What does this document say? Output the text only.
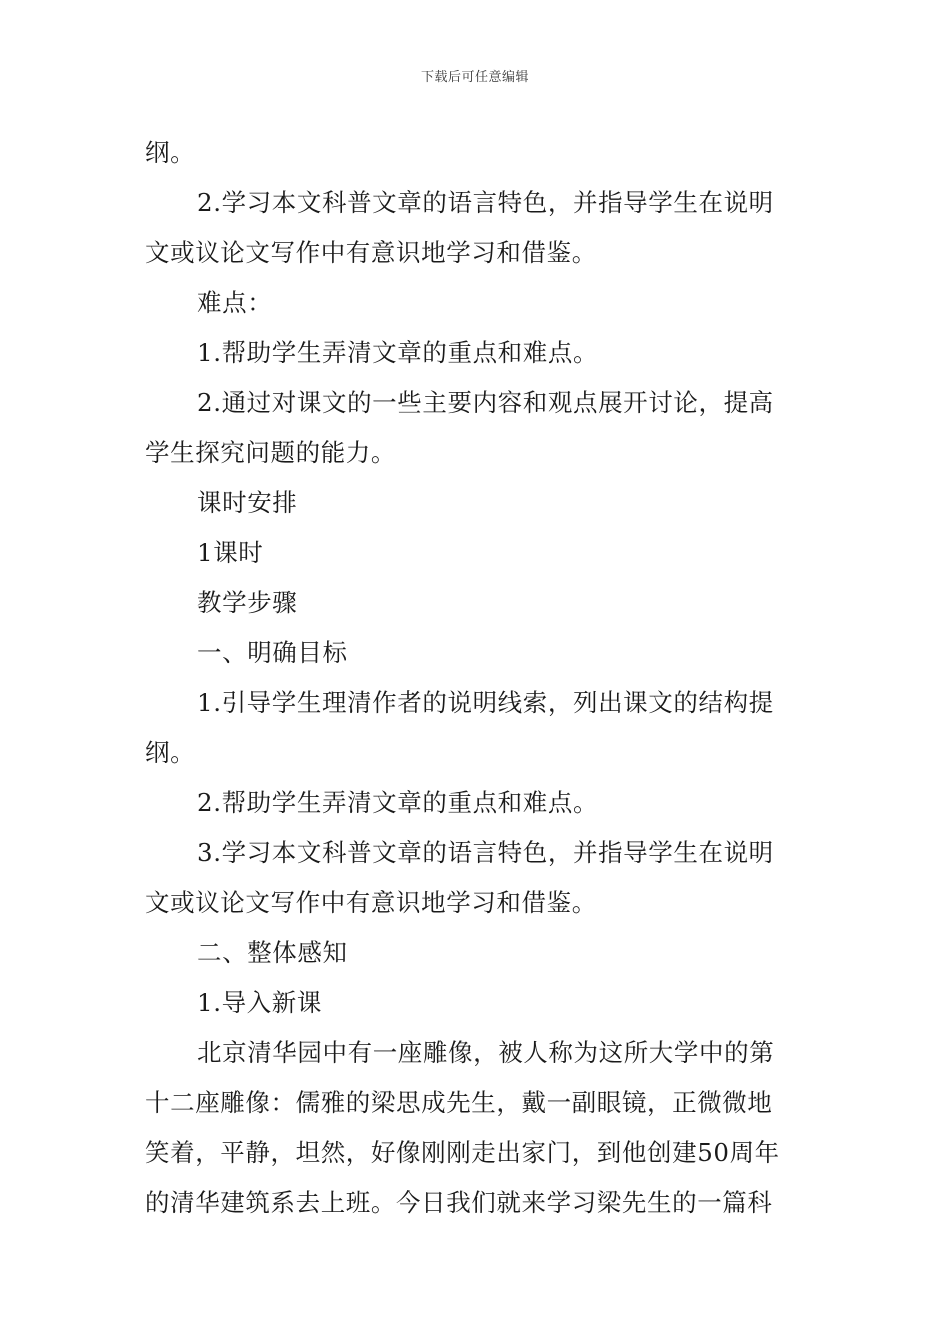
下载后可任意编辑
纲。
2.学习本文科普文章的语言特色，并指导学生在说明
文或议论文写作中有意识地学习和借鉴。
难点：
1.帮助学生弄清文章的重点和难点。
2.通过对课文的一些主要内容和观点展开讨论，提高
学生探究问题的能力。
课时安排
1课时
教学步骤
一、明确目标
1.引导学生理清作者的说明线索，列出课文的结构提
纲。
2.帮助学生弄清文章的重点和难点。
3.学习本文科普文章的语言特色，并指导学生在说明
文或议论文写作中有意识地学习和借鉴。
二、整体感知
1.导入新课
北京清华园中有一座雕像，被人称为这所大学中的第
十二座雕像：儒雅的梁思成先生，戴一副眼镜，正微微地
笑着，平静，坦然，好像刚刚走出家门，到他创建50周年
的清华建筑系去上班。今日我们就来学习梁先生的一篇科
